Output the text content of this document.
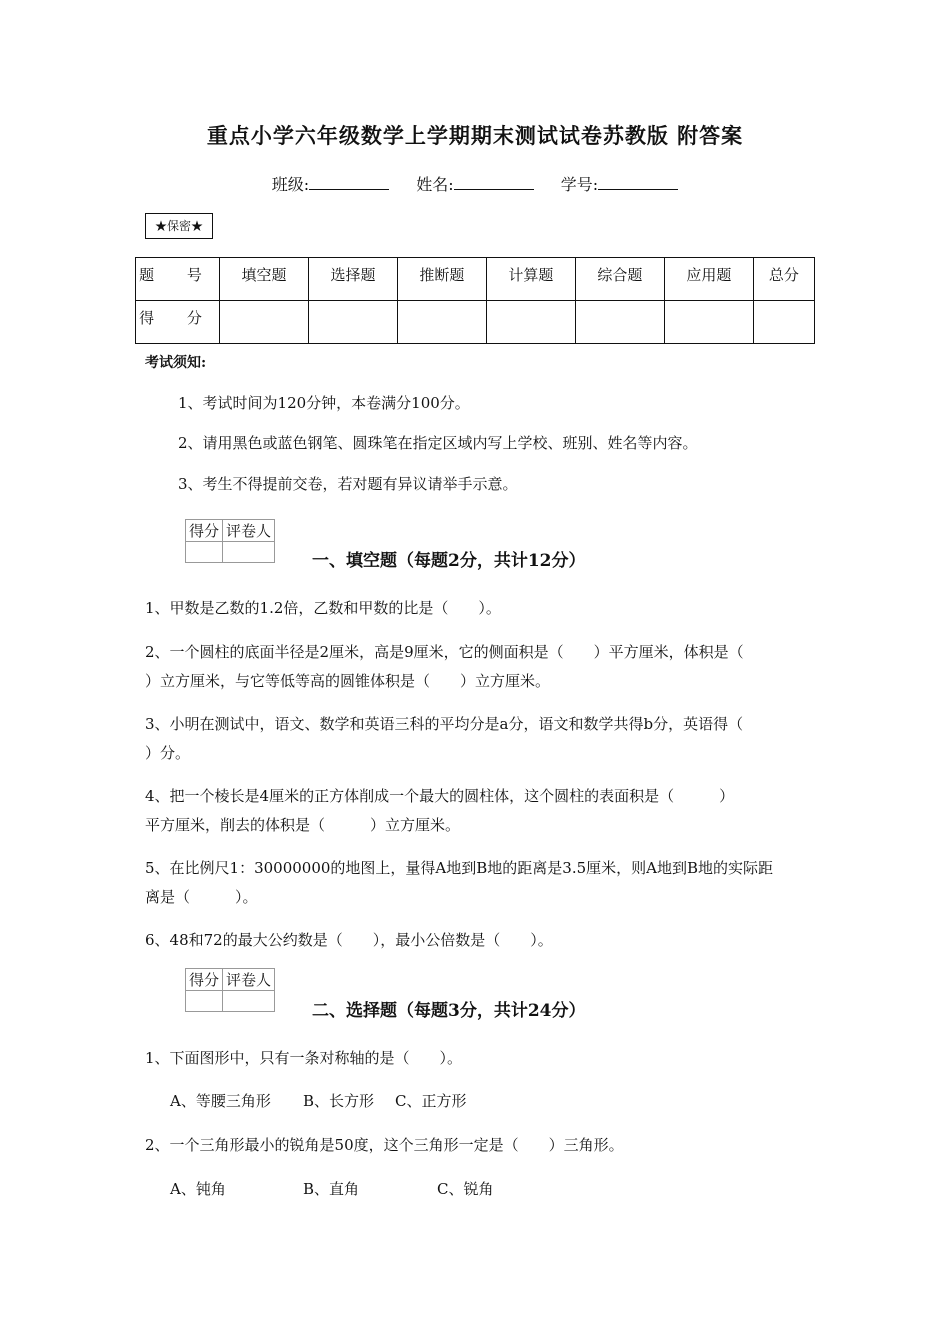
重点小学六年级数学上学期期末测试试卷苏教版 附答案
班级:	姓名:	学号:
★保密★
题 号	填空题	选择题	推断题	计算题	综合题	应用题	总分
得 分							
考试须知:
1、考试时间为120分钟，本卷满分100分。
2、请用黑色或蓝色钢笔、圆珠笔在指定区域内写上学校、班别、姓名等内容。
3、考生不得提前交卷，若对题有异议请举手示意。
得分	评卷人

一、填空题（每题2分，共计12分）
1、甲数是乙数的1.2倍，乙数和甲数的比是（　　）。
2、一个圆柱的底面半径是2厘米，高是9厘米，它的侧面积是（　　）平方厘米，体积是（
）立方厘米，与它等低等高的圆锥体积是（　　）立方厘米。
3、小明在测试中，语文、数学和英语三科的平均分是a分，语文和数学共得b分，英语得（
）分。
4、把一个棱长是4厘米的正方体削成一个最大的圆柱体，这个圆柱的表面积是（　　　）
平方厘米，削去的体积是（　　　）立方厘米。
5、在比例尺1：30000000的地图上，量得A地到B地的距离是3.5厘米，则A地到B地的实际距
离是（　　　）。
6、48和72的最大公约数是（　　），最小公倍数是（　　）。
得分	评卷人

二、选择题（每题3分，共计24分）
1、下面图形中，只有一条对称轴的是（　　）。
A、等腰三角形 B、长方形 C、正方形
2、一个三角形最小的锐角是50度，这个三角形一定是（　　）三角形。
A、钝角	B、直角	C、锐角
